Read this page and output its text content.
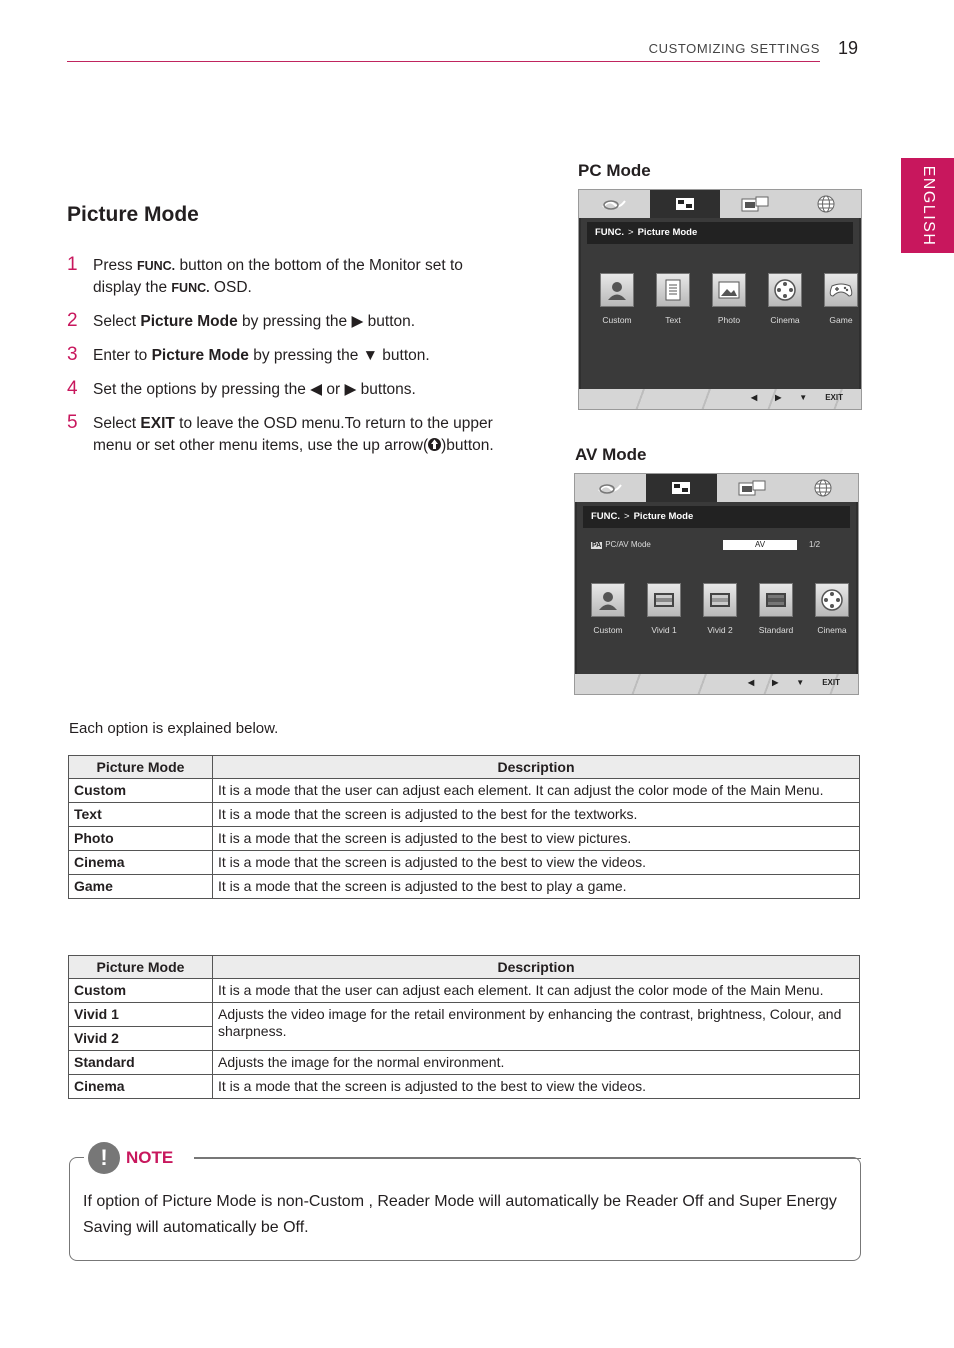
CUSTOMIZING SETTINGS 19
ENGLISH
Picture Mode
1 Press FUNC. button on the bottom of the Monitor set to display the FUNC. OSD.
2 Select Picture Mode by pressing the ▶ button.
3 Enter to Picture Mode by pressing the ▼ button.
4 Set the options by pressing the ◀ or ▶ buttons.
5 Select EXIT to leave the OSD menu.To return to the upper menu or set other menu items, use the up arrow( )button.
PC Mode
FUNC. > Picture Mode
Custom	Text	Photo	Cinema	Game
◀ ▶ ▼ EXIT
AV Mode
FUNC. > Picture Mode
PA PC/AV Mode	AV	1/2
Custom	Vivid 1	Vivid 2	Standard	Cinema
◀ ▶ ▼ EXIT
Each option is explained below.
Picture Mode	Description
Custom	It is a mode that the user can adjust each element. It can adjust the color mode of the Main Menu.
Text	It is a mode that the screen is adjusted to the best for the textworks.
Photo	It is a mode that the screen is adjusted to the best to view pictures.
Cinema	It is a mode that the screen is adjusted to the best to view the videos.
Game	It is a mode that the screen is adjusted to the best to play a game.
Picture Mode	Description
Custom	It is a mode that the user can adjust each element. It can adjust the color mode of the Main Menu.
Vivid 1	Adjusts the video image for the retail environment by enhancing the contrast, brightness, Colour, and sharpness.
Vivid 2	
Standard	Adjusts the image for the normal environment.
Cinema	It is a mode that the screen is adjusted to the best to view the videos.
!	NOTE
If option of Picture Mode is non-Custom , Reader Mode will automatically be Reader Off and Super Energy Saving will automatically be Off.
